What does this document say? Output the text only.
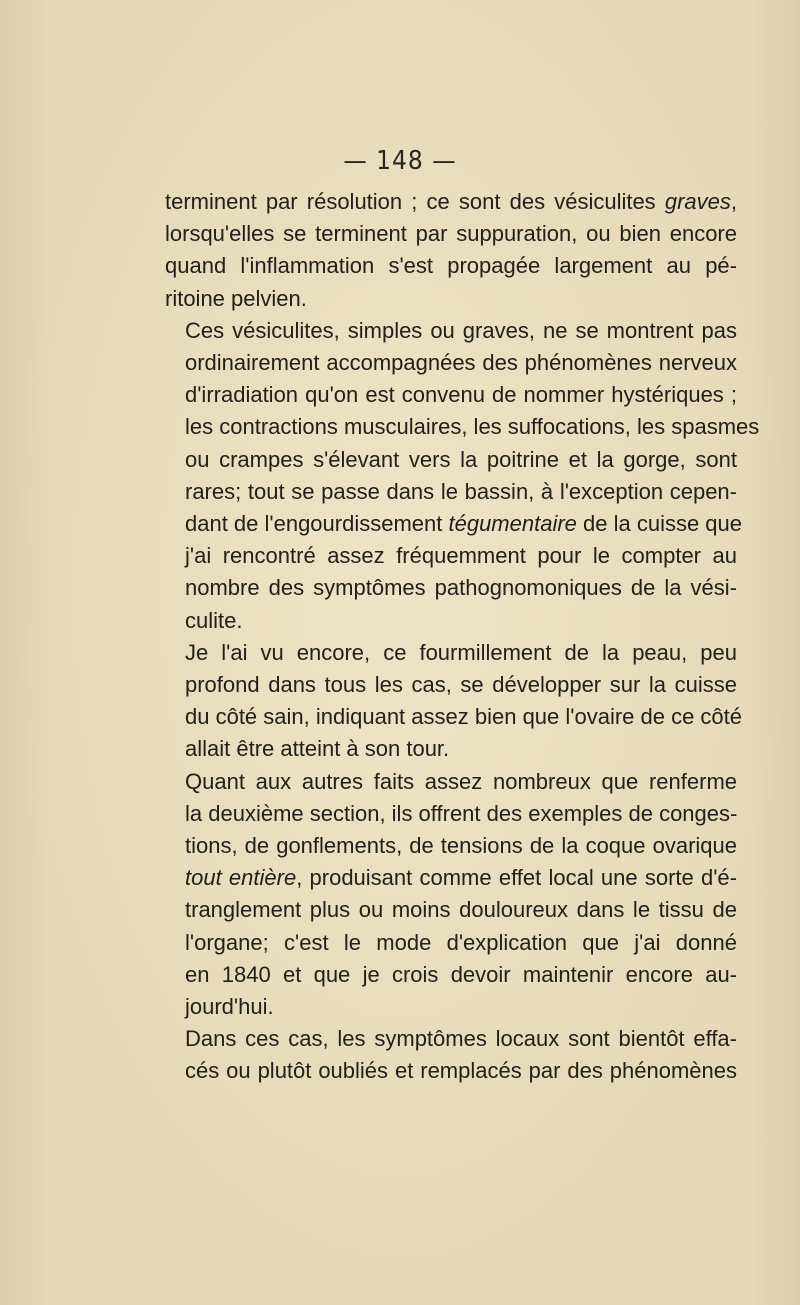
— 148 —

terminent par résolution ; ce sont des vésiculites graves,
lorsqu'elles se terminent par suppuration, ou bien encore
quand l'inflammation s'est propagée largement au pé-
ritoine pelvien.

Ces vésiculites, simples ou graves, ne se montrent pas
ordinairement accompagnées des phénomènes nerveux
d'irradiation qu'on est convenu de nommer hystériques ;
les contractions musculaires, les suffocations, les spasmes
ou crampes s'élevant vers la poitrine et la gorge, sont
rares; tout se passe dans le bassin, à l'exception cepen-
dant de l'engourdissement tégumentaire de la cuisse que
j'ai rencontré assez fréquemment pour le compter au
nombre des symptômes pathognomoniques de la vési-
culite.

Je l'ai vu encore, ce fourmillement de la peau, peu
profond dans tous les cas, se développer sur la cuisse
du côté sain, indiquant assez bien que l'ovaire de ce côté
allait être atteint à son tour.

Quant aux autres faits assez nombreux que renferme
la deuxième section, ils offrent des exemples de conges-
tions, de gonflements, de tensions de la coque ovarique
tout entière, produisant comme effet local une sorte d'é-
tranglement plus ou moins douloureux dans le tissu de
l'organe; c'est le mode d'explication que j'ai donné
en 1840 et que je crois devoir maintenir encore au-
jourd'hui.

Dans ces cas, les symptômes locaux sont bientôt effa-
cés ou plutôt oubliés et remplacés par des phénomènes
